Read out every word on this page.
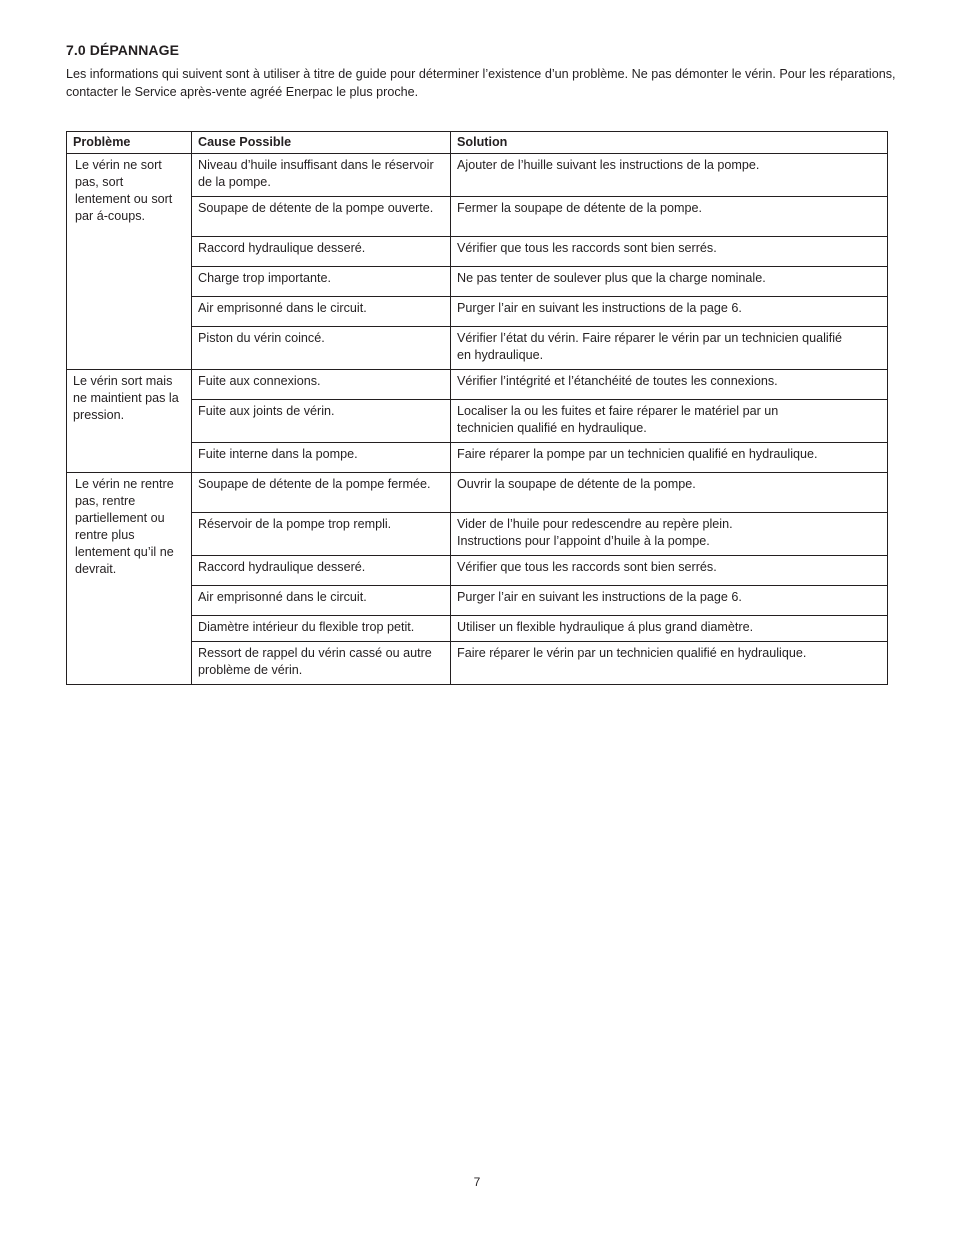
7.0 DÉPANNAGE
Les informations qui suivent sont à utiliser à titre de guide pour déterminer l’existence d’un problème. Ne pas démonter le vérin. Pour les réparations, contacter le Service après-vente agréé Enerpac le plus proche.
Problème	Cause Possible	Solution
Le vérin ne sort pas, sort lentement ou sort par á-coups.	Niveau d’huile insuffisant dans le réservoir de la pompe.	Ajouter de l’huille suivant les instructions de la pompe.
	Soupape de détente de la pompe ouverte.	Fermer la soupape de détente de la pompe.
	Raccord hydraulique desseré.	Vérifier que tous les raccords sont bien serrés.
	Charge trop importante.	Ne pas tenter de soulever plus que la charge nominale.
	Air emprisonné dans le circuit.	Purger l’air en suivant les instructions de la page 6.
	Piston du vérin coincé.	Vérifier l’état du vérin. Faire réparer le vérin par un technicien qualifié en hydraulique.
Le vérin sort mais ne maintient pas la pression.	Fuite aux connexions.	Vérifier l’intégrité et l’étanchéité de toutes les connexions.
	Fuite aux joints de vérin.	Localiser la ou les fuites et faire réparer le matériel par un technicien qualifié en hydraulique.
	Fuite interne dans la pompe.	Faire réparer la pompe par un technicien qualifié en hydraulique.
Le vérin ne rentre pas, rentre partiellement ou rentre plus lentement qu’il ne devrait.	Soupape de détente de la pompe fermée.	Ouvrir la soupape de détente de la pompe.
	Réservoir de la pompe trop rempli.	Vider de l’huile pour redescendre au repère plein. Instructions pour l’appoint d’huile à la pompe.
	Raccord hydraulique desseré.	Vérifier que tous les raccords sont bien serrés.
	Air emprisonné dans le circuit.	Purger l’air en suivant les instructions de la page 6.
	Diamètre intérieur du flexible trop petit.	Utiliser un flexible hydraulique á plus grand diamètre.
	Ressort de rappel du vérin cassé ou autre problème de vérin.	Faire réparer le vérin par un technicien qualifié en hydraulique.
7
